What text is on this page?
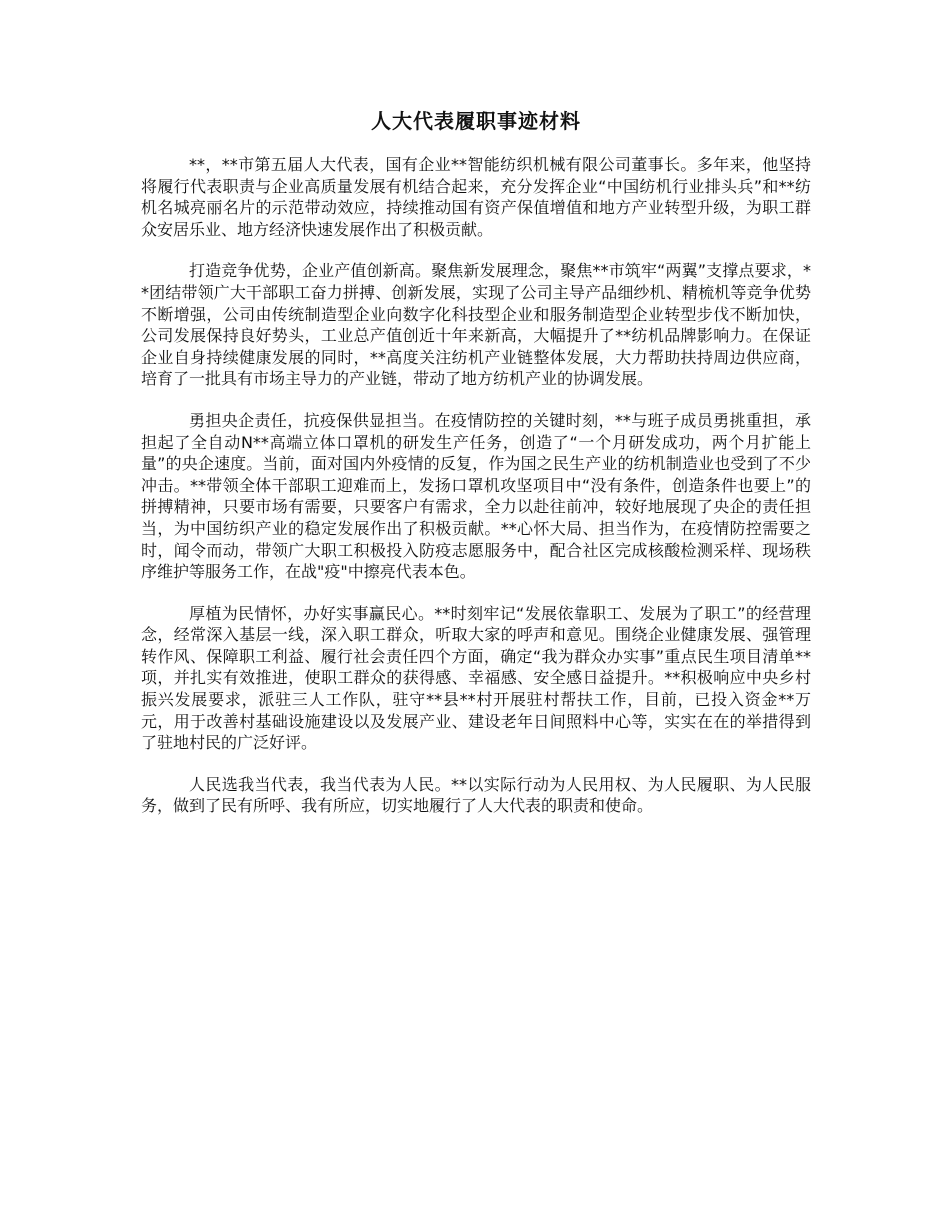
人大代表履职事迹材料

**，**市第五届人大代表，国有企业**智能纺织机械有限公司董事长。多年来，他坚持将履行代表职责与企业高质量发展有机结合起来，充分发挥企业“中国纺机行业排头兵”和**纺机名城亮丽名片的示范带动效应，持续推动国有资产保值增值和地方产业转型升级，为职工群众安居乐业、地方经济快速发展作出了积极贡献。

打造竞争优势，企业产值创新高。聚焦新发展理念，聚焦**市筑牢“两翼”支撑点要求，**团结带领广大干部职工奋力拼搏、创新发展，实现了公司主导产品细纱机、精梳机等竞争优势不断增强，公司由传统制造型企业向数字化科技型企业和服务制造型企业转型步伐不断加快，公司发展保持良好势头，工业总产值创近十年来新高，大幅提升了**纺机品牌影响力。在保证企业自身持续健康发展的同时，**高度关注纺机产业链整体发展，大力帮助扶持周边供应商，培育了一批具有市场主导力的产业链，带动了地方纺机产业的协调发展。

勇担央企责任，抗疫保供显担当。在疫情防控的关键时刻，**与班子成员勇挑重担，承担起了全自动N**高端立体口罩机的研发生产任务，创造了“一个月研发成功，两个月扩能上量”的央企速度。当前，面对国内外疫情的反复，作为国之民生产业的纺机制造业也受到了不少冲击。**带领全体干部职工迎难而上，发扬口罩机攻坚项目中“没有条件，创造条件也要上”的拼搏精神，只要市场有需要，只要客户有需求，全力以赴往前冲，较好地展现了央企的责任担当，为中国纺织产业的稳定发展作出了积极贡献。**心怀大局、担当作为，在疫情防控需要之时，闻令而动，带领广大职工积极投入防疫志愿服务中，配合社区完成核酸检测采样、现场秩序维护等服务工作，在战"疫"中擦亮代表本色。

厚植为民情怀，办好实事赢民心。**时刻牢记“发展依靠职工、发展为了职工”的经营理念，经常深入基层一线，深入职工群众，听取大家的呼声和意见。围绕企业健康发展、强管理转作风、保障职工利益、履行社会责任四个方面，确定“我为群众办实事”重点民生项目清单**项，并扎实有效推进，使职工群众的获得感、幸福感、安全感日益提升。**积极响应中央乡村振兴发展要求，派驻三人工作队，驻守**县**村开展驻村帮扶工作，目前，已投入资金**万元，用于改善村基础设施建设以及发展产业、建设老年日间照料中心等，实实在在的举措得到了驻地村民的广泛好评。

人民选我当代表，我当代表为人民。**以实际行动为人民用权、为人民履职、为人民服务，做到了民有所呼、我有所应，切实地履行了人大代表的职责和使命。
